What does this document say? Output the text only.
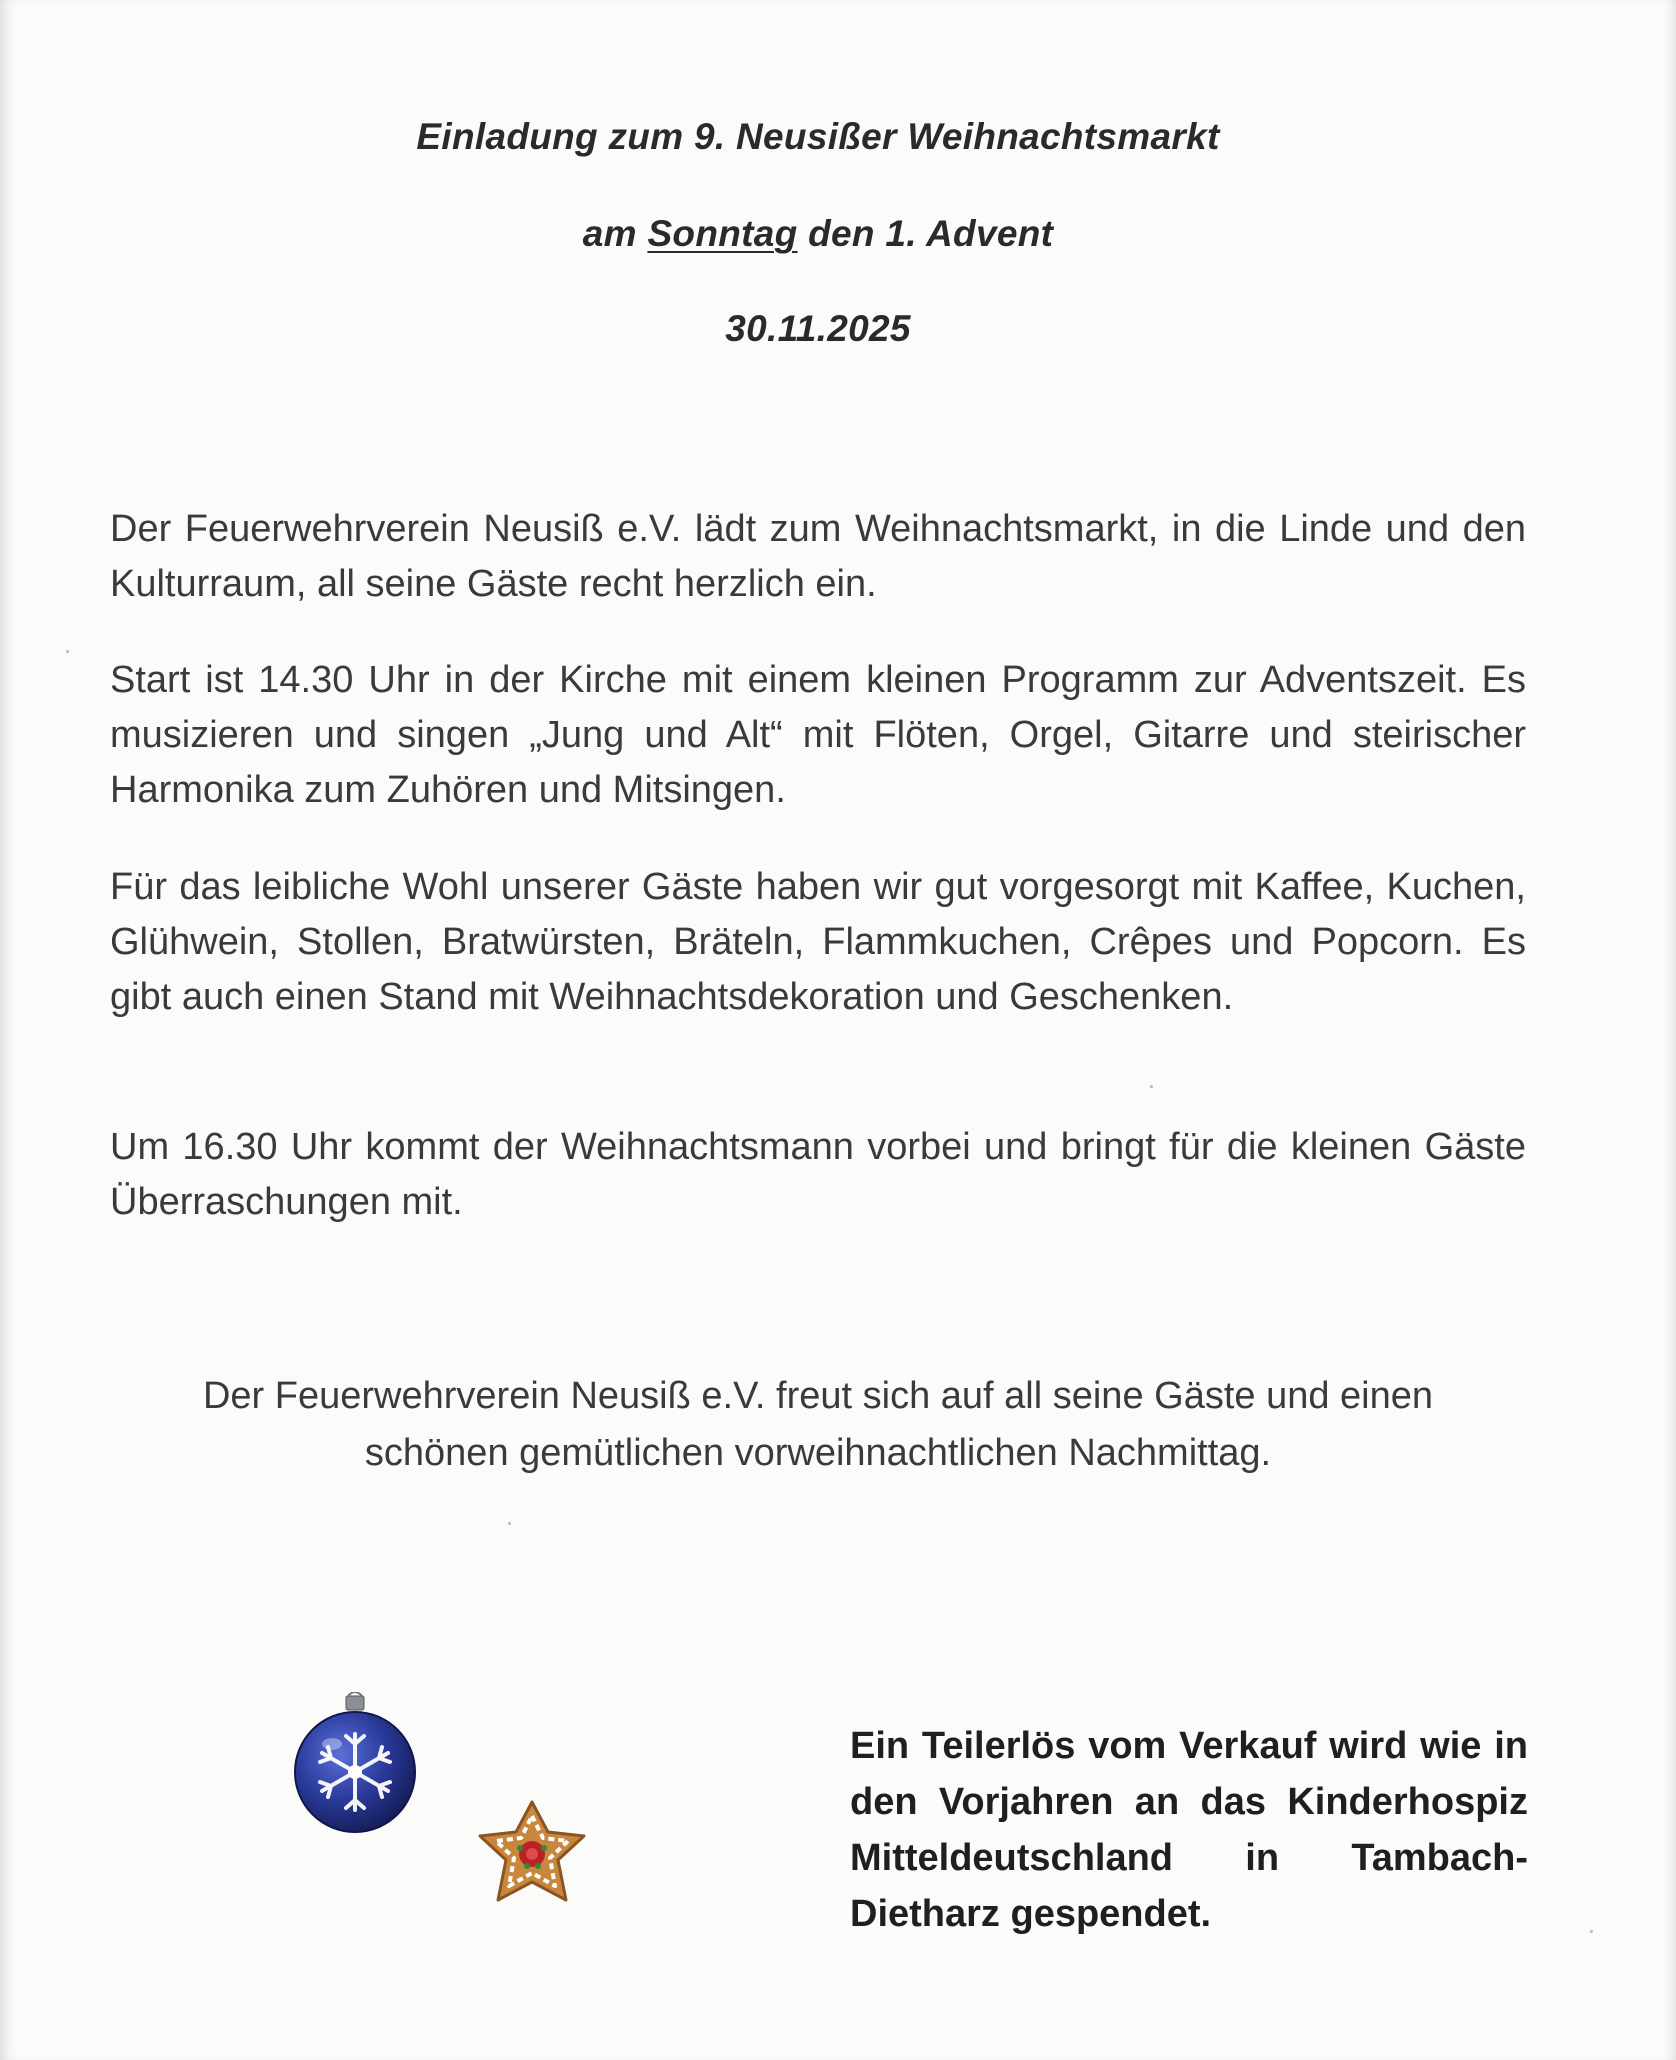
Einladung zum 9. Neusißer Weihnachtsmarkt
am Sonntag den 1. Advent
30.11.2025
Der Feuerwehrverein Neusiß e.V. lädt zum Weihnachtsmarkt, in die Linde und den Kulturraum, all seine Gäste recht herzlich ein.
Start ist 14.30 Uhr in der Kirche mit einem kleinen Programm zur Adventszeit. Es musizieren und singen „Jung und Alt“ mit Flöten, Orgel, Gitarre und steirischer Harmonika zum Zuhören und Mitsingen.
Für das leibliche Wohl unserer Gäste haben wir gut vorgesorgt mit Kaffee, Kuchen, Glühwein, Stollen, Bratwürsten, Bräteln, Flammkuchen, Crêpes und Popcorn. Es gibt auch einen Stand mit Weihnachtsdekoration und Geschenken.
Um 16.30 Uhr kommt der Weihnachtsmann vorbei und bringt für die kleinen Gäste Überraschungen mit.
Der Feuerwehrverein Neusiß e.V. freut sich auf all seine Gäste und einen
schönen gemütlichen vorweihnachtlichen Nachmittag.
Ein Teilerlös vom Verkauf wird wie in den Vorjahren an das Kinderhospiz Mitteldeutschland in Tambach-Dietharz gespendet.
